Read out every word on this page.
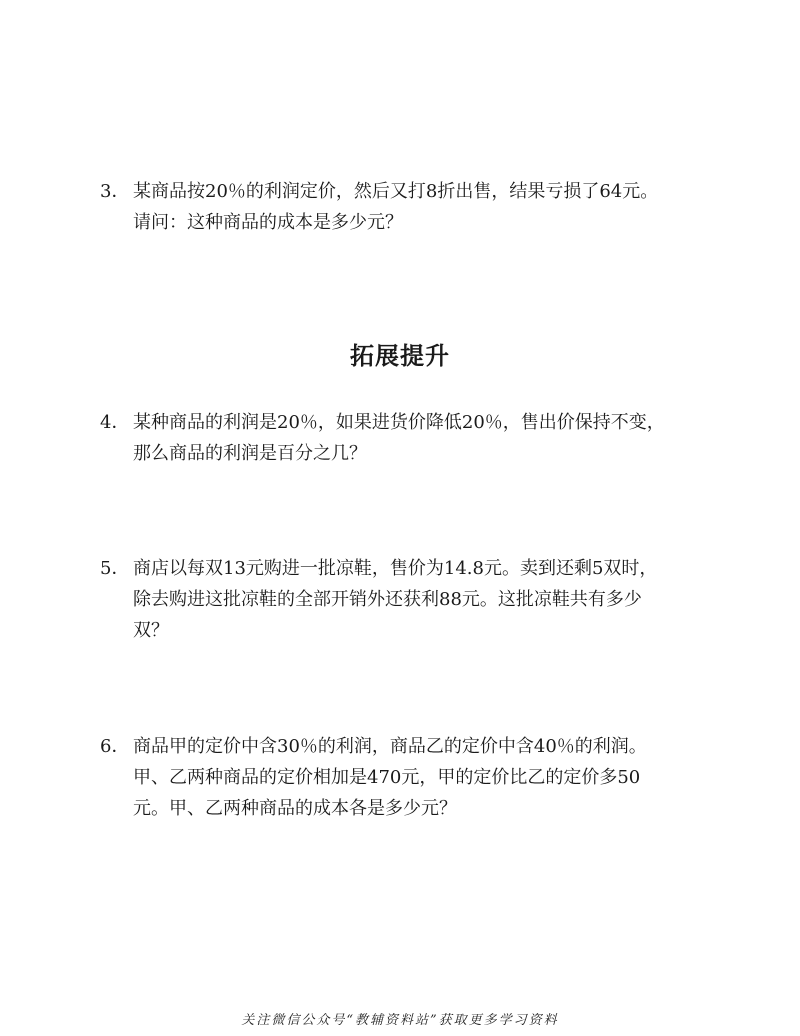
3． 某商品按20％的利润定价，然后又打8折出售，结果亏损了64元。
请问：这种商品的成本是多少元？
拓展提升
4． 某种商品的利润是20％，如果进货价降低20％，售出价保持不变，
那么商品的利润是百分之几？
5． 商店以每双13元购进一批凉鞋，售价为14.8元。卖到还剩5双时，
除去购进这批凉鞋的全部开销外还获利88元。这批凉鞋共有多少
双？
6． 商品甲的定价中含30％的利润，商品乙的定价中含40％的利润。
甲、乙两种商品的定价相加是470元，甲的定价比乙的定价多50
元。甲、乙两种商品的成本各是多少元？
关注微信公众号“教辅资料站”获取更多学习资料
